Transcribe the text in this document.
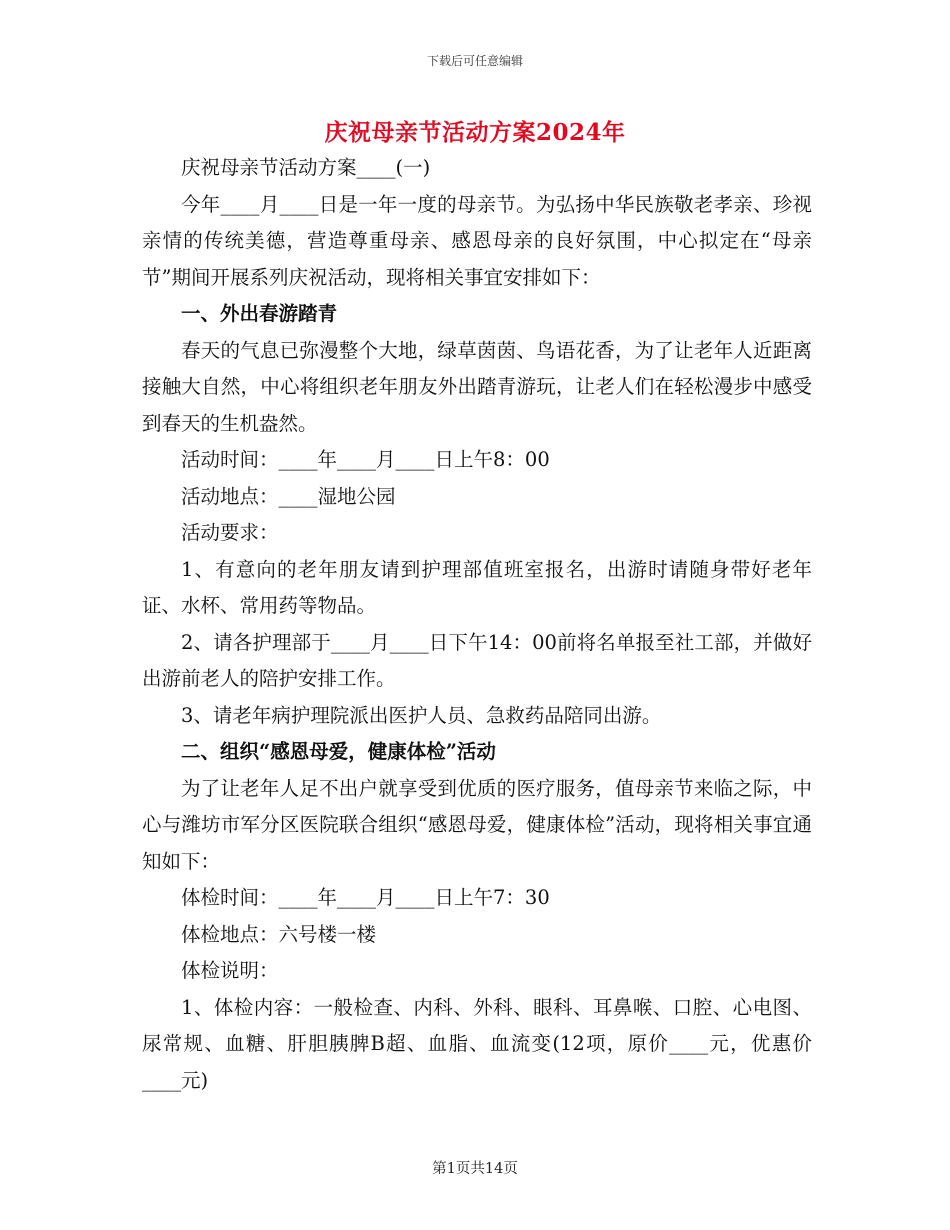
下载后可任意编辑
庆祝母亲节活动方案2024年

庆祝母亲节活动方案____(一)

今年____月____日是一年一度的母亲节。为弘扬中华民族敬老孝亲、珍视亲情的传统美德，营造尊重母亲、感恩母亲的良好氛围，中心拟定在“母亲节”期间开展系列庆祝活动，现将相关事宜安排如下：

一、外出春游踏青

春天的气息已弥漫整个大地，绿草茵茵、鸟语花香，为了让老年人近距离接触大自然，中心将组织老年朋友外出踏青游玩，让老人们在轻松漫步中感受到春天的生机盎然。

活动时间：____年____月____日上午8：00

活动地点：____湿地公园

活动要求：

1、有意向的老年朋友请到护理部值班室报名，出游时请随身带好老年证、水杯、常用药等物品。

2、请各护理部于____月____日下午14：00前将名单报至社工部，并做好出游前老人的陪护安排工作。

3、请老年病护理院派出医护人员、急救药品陪同出游。

二、组织“感恩母爱，健康体检”活动

为了让老年人足不出户就享受到优质的医疗服务，值母亲节来临之际，中心与潍坊市军分区医院联合组织“感恩母爱，健康体检”活动，现将相关事宜通知如下：

体检时间：____年____月____日上午7：30

体检地点：六号楼一楼

体检说明：

1、体检内容：一般检查、内科、外科、眼科、耳鼻喉、口腔、心电图、尿常规、血糖、肝胆胰脾B超、血脂、血流变(12项，原价____元，优惠价____元)

第1页共14页
